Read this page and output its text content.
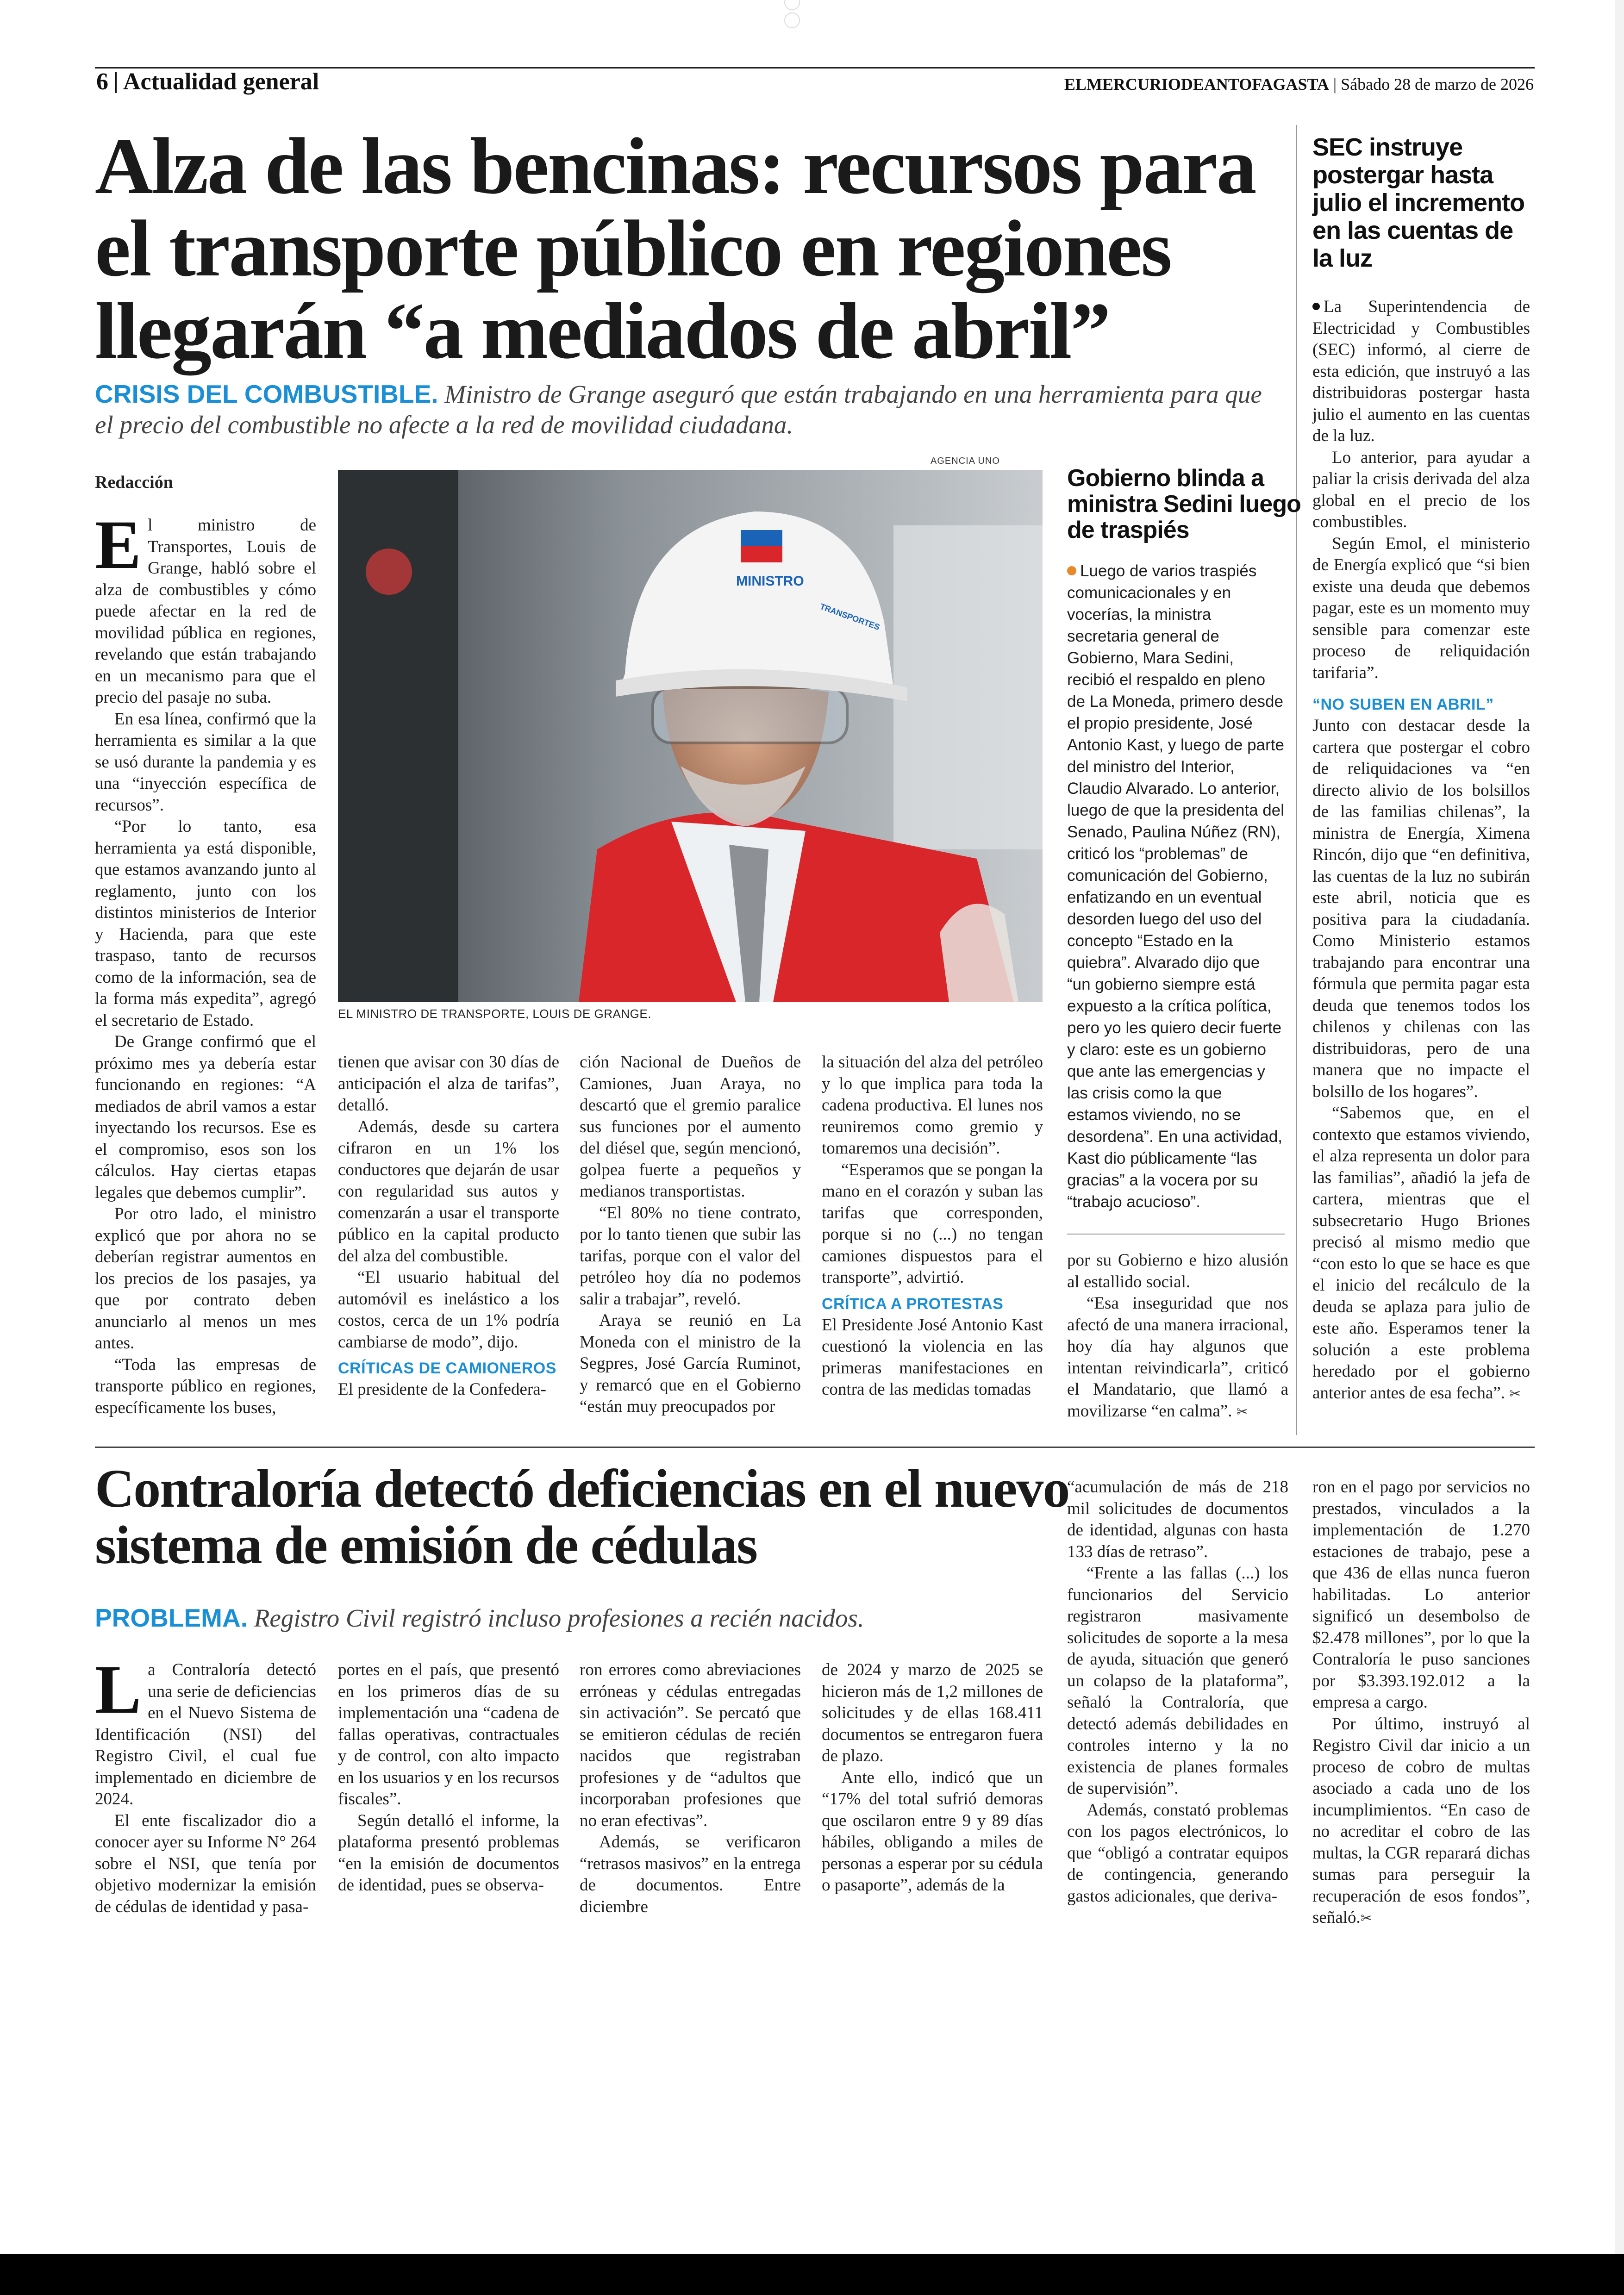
6 Actualidad general	ELMERCURIODEANTOFAGASTA | Sábado 28 de marzo de 2026
Alza de las bencinas: recursos para el transporte público en regiones llegarán “a mediados de abril”
CRISIS DEL COMBUSTIBLE. Ministro de Grange aseguró que están trabajando en una herramienta para que el precio del combustible no afecte a la red de movilidad ciudadana.
Redacción

El ministro de Transportes, Louis de Grange, habló sobre el alza de combustibles y cómo puede afectar en la red de movilidad pública en regiones, revelando que están trabajando en un mecanismo para que el precio del pasaje no suba.

En esa línea, confirmó que la herramienta es similar a la que se usó durante la pandemia y es una “inyección específica de recursos”.

“Por lo tanto, esa herramienta ya está disponible, que estamos avanzando junto al reglamento, junto con los distintos ministerios de Interior y Hacienda, para que este traspaso, tanto de recursos como de la información, sea de la forma más expedita”, agregó el secretario de Estado.

De Grange confirmó que el próximo mes ya debería estar funcionando en regiones: “A mediados de abril vamos a estar inyectando los recursos. Ese es el compromiso, esos son los cálculos. Hay ciertas etapas legales que debemos cumplir”.

Por otro lado, el ministro explicó que por ahora no se deberían registrar aumentos en los precios de los pasajes, ya que por contrato deben anunciarlo al menos un mes antes.

“Toda las empresas de transporte público en regiones, específicamente los buses,

AGENCIA UNO
MINISTRO
TRANSPORTES
EL MINISTRO DE TRANSPORTE, LOUIS DE GRANGE.
Gobierno blinda a ministra Sedini luego de traspiés

Luego de varios traspiés comunicacionales y en vocerías, la ministra secretaria general de Gobierno, Mara Sedini, recibió el respaldo en pleno de La Moneda, primero desde el propio presidente, José Antonio Kast, y luego de parte del ministro del Interior, Claudio Alvarado. Lo anterior, luego de que la presidenta del Senado, Paulina Núñez (RN), criticó los “problemas” de comunicación del Gobierno, enfatizando en un eventual desorden luego del uso del concepto “Estado en la quiebra”. Alvarado dijo que “un gobierno siempre está expuesto a la crítica política, pero yo les quiero decir fuerte y claro: este es un gobierno que ante las emergencias y las crisis como la que estamos viviendo, no se desordena”. En una actividad, Kast dio públicamente “las gracias” a la vocera por su “trabajo acucioso”.

tienen que avisar con 30 días de anticipación el alza de tarifas”, detalló.

Además, desde su cartera cifraron en un 1% los conductores que dejarán de usar con regularidad sus autos y comenzarán a usar el transporte público en la capital producto del alza del combustible.

“El usuario habitual del automóvil es inelástico a los costos, cerca de un 1% podría cambiarse de modo”, dijo.

CRÍTICAS DE CAMIONEROS

El presidente de la Confedera-

ción Nacional de Dueños de Camiones, Juan Araya, no descartó que el gremio paralice sus funciones por el aumento del diésel que, según mencionó, golpea fuerte a pequeños y medianos transportistas.

“El 80% no tiene contrato, por lo tanto tienen que subir las tarifas, porque con el valor del petróleo hoy día no podemos salir a trabajar”, reveló.

Araya se reunió en La Moneda con el ministro de la Segpres, José García Ruminot, y remarcó que en el Gobierno “están muy preocupados por

la situación del alza del petróleo y lo que implica para toda la cadena productiva. El lunes nos reuniremos como gremio y tomaremos una decisión”.

“Esperamos que se pongan la mano en el corazón y suban las tarifas que corresponden, porque si no (...) no tengan camiones dispuestos para el transporte”, advirtió.

CRÍTICA A PROTESTAS

El Presidente José Antonio Kast cuestionó la violencia en las primeras manifestaciones en contra de las medidas tomadas

por su Gobierno e hizo alusión al estallido social.

“Esa inseguridad que nos afectó de una manera irracional, hoy día hay algunos que intentan reivindicarla”, criticó el Mandatario, que llamó a movilizarse “en calma”. ✂

SEC instruye postergar hasta julio el incremento en las cuentas de la luz

La Superintendencia de Electricidad y Combustibles (SEC) informó, al cierre de esta edición, que instruyó a las distribuidoras postergar hasta julio el aumento en las cuentas de la luz.

Lo anterior, para ayudar a paliar la crisis derivada del alza global en el precio de los combustibles.

Según Emol, el ministerio de Energía explicó que “si bien existe una deuda que debemos pagar, este es un momento muy sensible para comenzar este proceso de reliquidación tarifaria”.

“NO SUBEN EN ABRIL”

Junto con destacar desde la cartera que postergar el cobro de reliquidaciones va “en directo alivio de los bolsillos de las familias chilenas”, la ministra de Energía, Ximena Rincón, dijo que “en definitiva, las cuentas de la luz no subirán este abril, noticia que es positiva para la ciudadanía. Como Ministerio estamos trabajando para encontrar una fórmula que permita pagar esta deuda que tenemos todos los chilenos y chilenas con las distribuidoras, pero de una manera que no impacte el bolsillo de los hogares”.

“Sabemos que, en el contexto que estamos viviendo, el alza representa un dolor para las familias”, añadió la jefa de cartera, mientras que el subsecretario Hugo Briones precisó al mismo medio que “con esto lo que se hace es que el inicio del recálculo de la deuda se aplaza para julio de este año. Esperamos tener la solución a este problema heredado por el gobierno anterior antes de esa fecha”. ✂

Contraloría detectó deficiencias en el nuevo sistema de emisión de cédulas
PROBLEMA. Registro Civil registró incluso profesiones a recién nacidos.

La Contraloría detectó una serie de deficiencias en el Nuevo Sistema de Identificación (NSI) del Registro Civil, el cual fue implementado en diciembre de 2024.

El ente fiscalizador dio a conocer ayer su Informe N° 264 sobre el NSI, que tenía por objetivo modernizar la emisión de cédulas de identidad y pasa-

portes en el país, que presentó en los primeros días de su implementación una “cadena de fallas operativas, contractuales y de control, con alto impacto en los usuarios y en los recursos fiscales”.

Según detalló el informe, la plataforma presentó problemas “en la emisión de documentos de identidad, pues se observa-

ron errores como abreviaciones erróneas y cédulas entregadas sin activación”. Se percató que se emitieron cédulas de recién nacidos que registraban profesiones y de “adultos que incorporaban profesiones que no eran efectivas”.

Además, se verificaron “retrasos masivos” en la entrega de documentos. Entre diciembre

de 2024 y marzo de 2025 se hicieron más de 1,2 millones de solicitudes y de ellas 168.411 documentos se entregaron fuera de plazo.

Ante ello, indicó que un “17% del total sufrió demoras que oscilaron entre 9 y 89 días hábiles, obligando a miles de personas a esperar por su cédula o pasaporte”, además de la

“acumulación de más de 218 mil solicitudes de documentos de identidad, algunas con hasta 133 días de retraso”.

“Frente a las fallas (...) los funcionarios del Servicio registraron masivamente solicitudes de soporte a la mesa de ayuda, situación que generó un colapso de la plataforma”, señaló la Contraloría, que detectó además debilidades en controles interno y la no existencia de planes formales de supervisión”.

Además, constató problemas con los pagos electrónicos, lo que “obligó a contratar equipos de contingencia, generando gastos adicionales, que deriva-

ron en el pago por servicios no prestados, vinculados a la implementación de 1.270 estaciones de trabajo, pese a que 436 de ellas nunca fueron habilitadas. Lo anterior significó un desembolso de $2.478 millones”, por lo que la Contraloría le puso sanciones por $3.393.192.012 a la empresa a cargo.

Por último, instruyó al Registro Civil dar inicio a un proceso de cobro de multas asociado a cada uno de los incumplimientos. “En caso de no acreditar el cobro de las multas, la CGR reparará dichas sumas para perseguir la recuperación de esos fondos”, señaló.✂
